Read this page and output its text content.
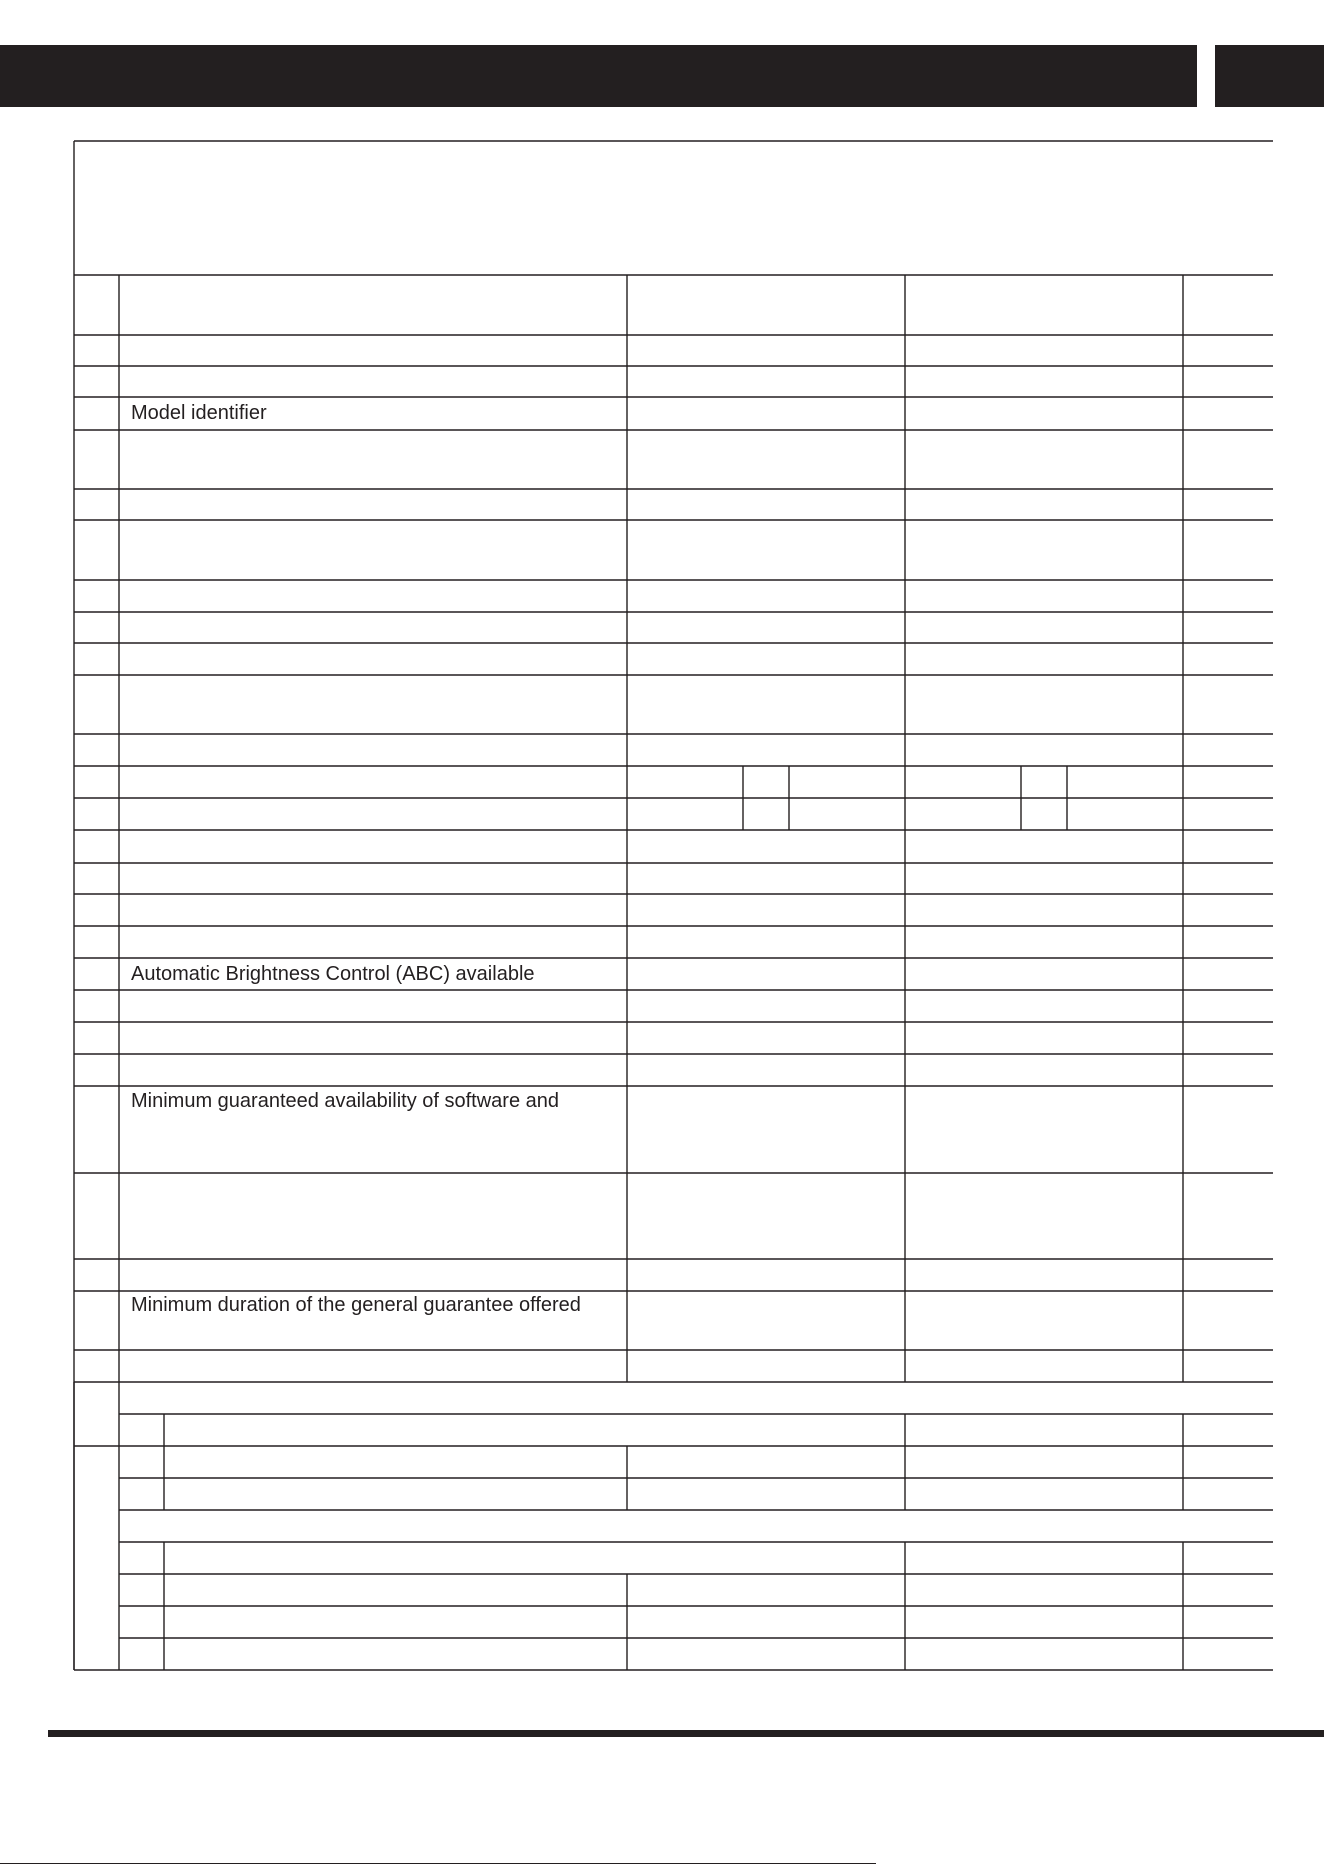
Model identifier
Automatic Brightness Control (ABC) available
Minimum guaranteed availability of software and
Minimum duration of the general guarantee offered
